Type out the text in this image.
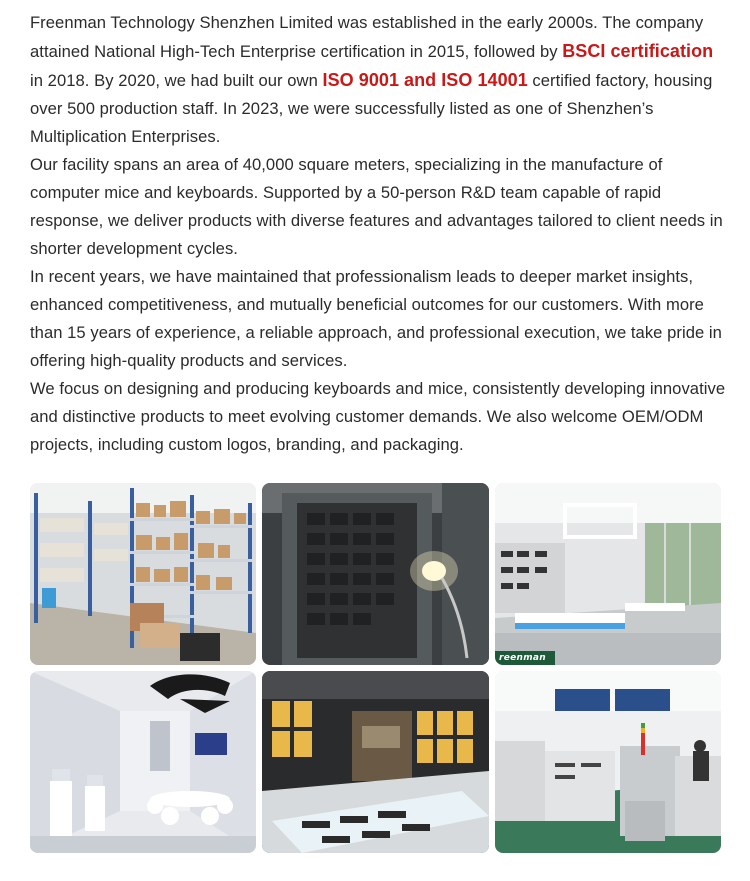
Freenman Technology Shenzhen Limited was established in the early 2000s. The company attained National High-Tech Enterprise certification in 2015, followed by BSCI certification in 2018. By 2020, we had built our own ISO 9001 and ISO 14001 certified factory, housing over 500 production staff. In 2023, we were successfully listed as one of Shenzhen’s Multiplication Enterprises.

Our facility spans an area of 40,000 square meters, specializing in the manufacture of computer mice and keyboards. Supported by a 50-person R&D team capable of rapid response, we deliver products with diverse features and advantages tailored to client needs in shorter development cycles.

In recent years, we have maintained that professionalism leads to deeper market insights, enhanced competitiveness, and mutually beneficial outcomes for our customers. With more than 15 years of experience, a reliable approach, and professional execution, we take pride in offering high-quality products and services.

We focus on designing and producing keyboards and mice, consistently developing innovative and distinctive products to meet evolving customer demands. We also welcome OEM/ODM projects, including custom logos, branding, and packaging.

reenman
